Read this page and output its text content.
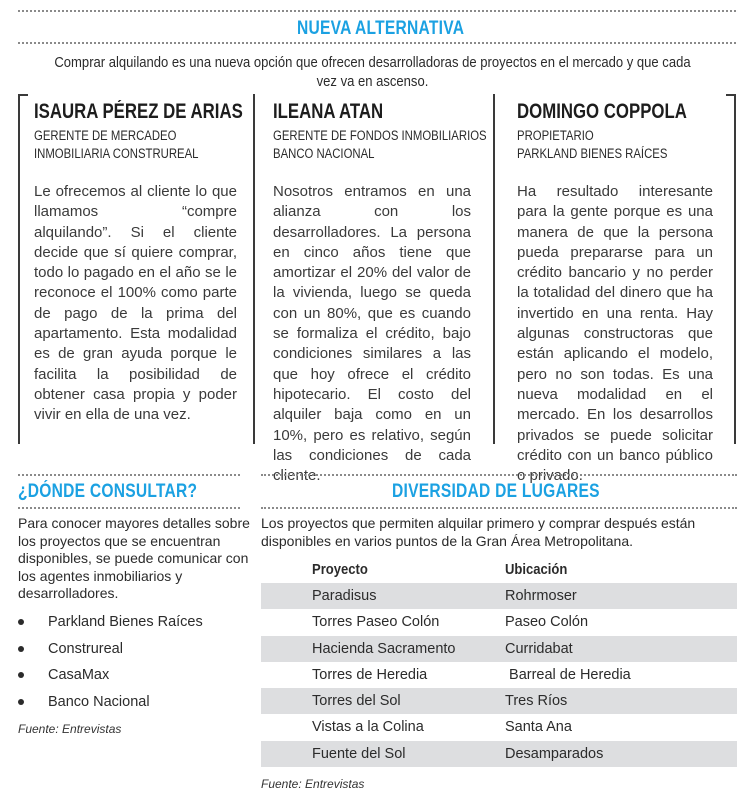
NUEVA ALTERNATIVA
Comprar alquilando es una nueva opción que ofrecen desarrolladoras de proyectos en el mercado y que cada vez va en ascenso.
ISAURA PÉREZ DE ARIAS
GERENTE DE MERCADEO
INMOBILIARIA CONSTRUREAL

Le ofrecemos al cliente lo que llamamos “compre alquilando”. Si el cliente decide que sí quiere comprar, todo lo pagado en el año se le reconoce el 100% como parte de pago de la prima del apartamento. Esta modalidad es de gran ayuda porque le facilita la posibilidad de obtener casa propia y poder vivir en ella de una vez.

ILEANA ATAN
GERENTE DE FONDOS INMOBILIARIOS
BANCO NACIONAL

Nosotros entramos en una alianza con los desarrolladores. La persona en cinco años tiene que amortizar el 20% del valor de la vivienda, luego se queda con un 80%, que es cuando se formaliza el crédito, bajo condiciones similares a las que hoy ofrece el crédito hipotecario. El costo del alquiler baja como en un 10%, pero es relativo, según las condiciones de cada cliente.

DOMINGO COPPOLA
PROPIETARIO
PARKLAND BIENES RAÍCES

Ha resultado interesante para la gente porque es una manera de que la persona pueda prepararse para un crédito bancario y no perder la totalidad del dinero que ha invertido en una renta. Hay algunas constructoras que están aplicando el modelo, pero no son todas. Es una nueva modalidad en el mercado. En los desarrollos privados se puede solicitar crédito con un banco público o privado.

¿DÓNDE CONSULTAR?

Para conocer mayores detalles sobre los proyectos que se encuentran disponibles, se puede comunicar con los agentes inmobiliarios y desarrolladores.

Parkland Bienes Raíces
Construreal
CasaMax
Banco Nacional
Fuente: Entrevistas
DIVERSIDAD DE LUGARES

Los proyectos que permiten alquilar primero y comprar después están disponibles en varios puntos de la Gran Área Metropolitana.

Proyecto	Ubicación
Paradisus	Rohrmoser
Torres Paseo Colón	Paseo Colón
Hacienda Sacramento	Curridabat
Torres de Heredia	Barreal de Heredia
Torres del Sol	Tres Ríos
Vistas a la Colina	Santa Ana
Fuente del Sol	Desamparados
Fuente: Entrevistas
